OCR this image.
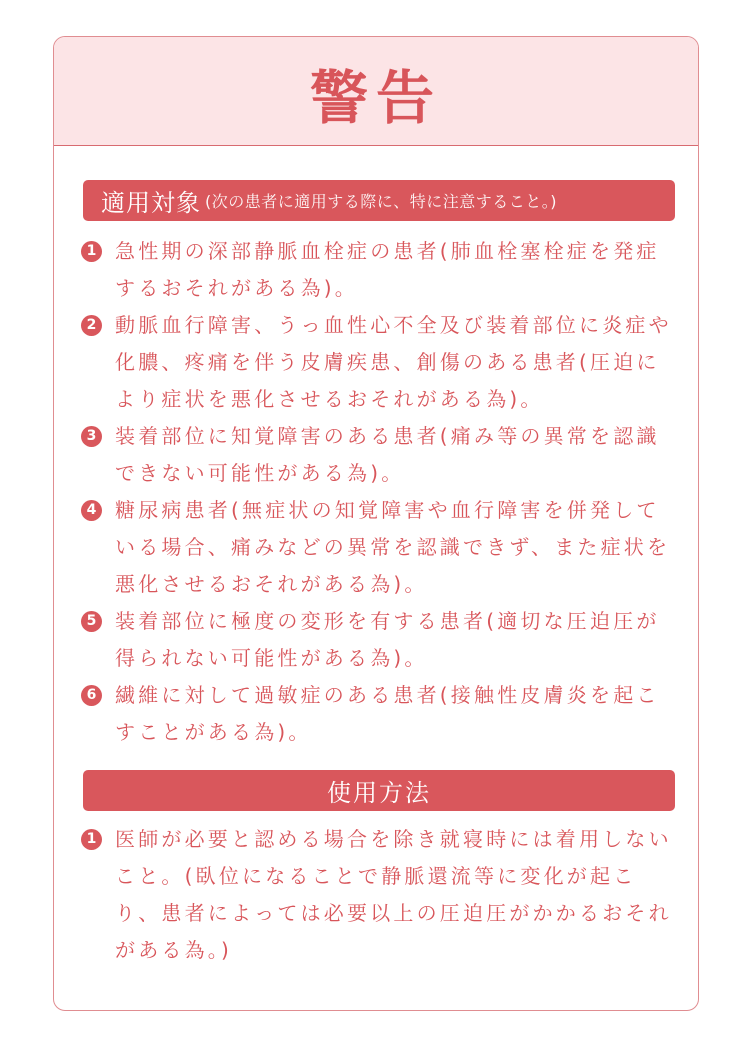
警告
適用対象 (次の患者に適用する際に、特に注意すること。)
1 急性期の深部静脈血栓症の患者(肺血栓塞栓症を発症するおそれがある為)。
2 動脈血行障害、うっ血性心不全及び装着部位に炎症や化膿、疼痛を伴う皮膚疾患、創傷のある患者(圧迫により症状を悪化させるおそれがある為)。
3 装着部位に知覚障害のある患者(痛み等の異常を認識できない可能性がある為)。
4 糖尿病患者(無症状の知覚障害や血行障害を併発している場合、痛みなどの異常を認識できず、また症状を悪化させるおそれがある為)。
5 装着部位に極度の変形を有する患者(適切な圧迫圧が得られない可能性がある為)。
6 繊維に対して過敏症のある患者(接触性皮膚炎を起こすことがある為)。
使用方法
1 医師が必要と認める場合を除き就寝時には着用しないこと。(臥位になることで静脈還流等に変化が起こり、患者によっては必要以上の圧迫圧がかかるおそれがある為。)
